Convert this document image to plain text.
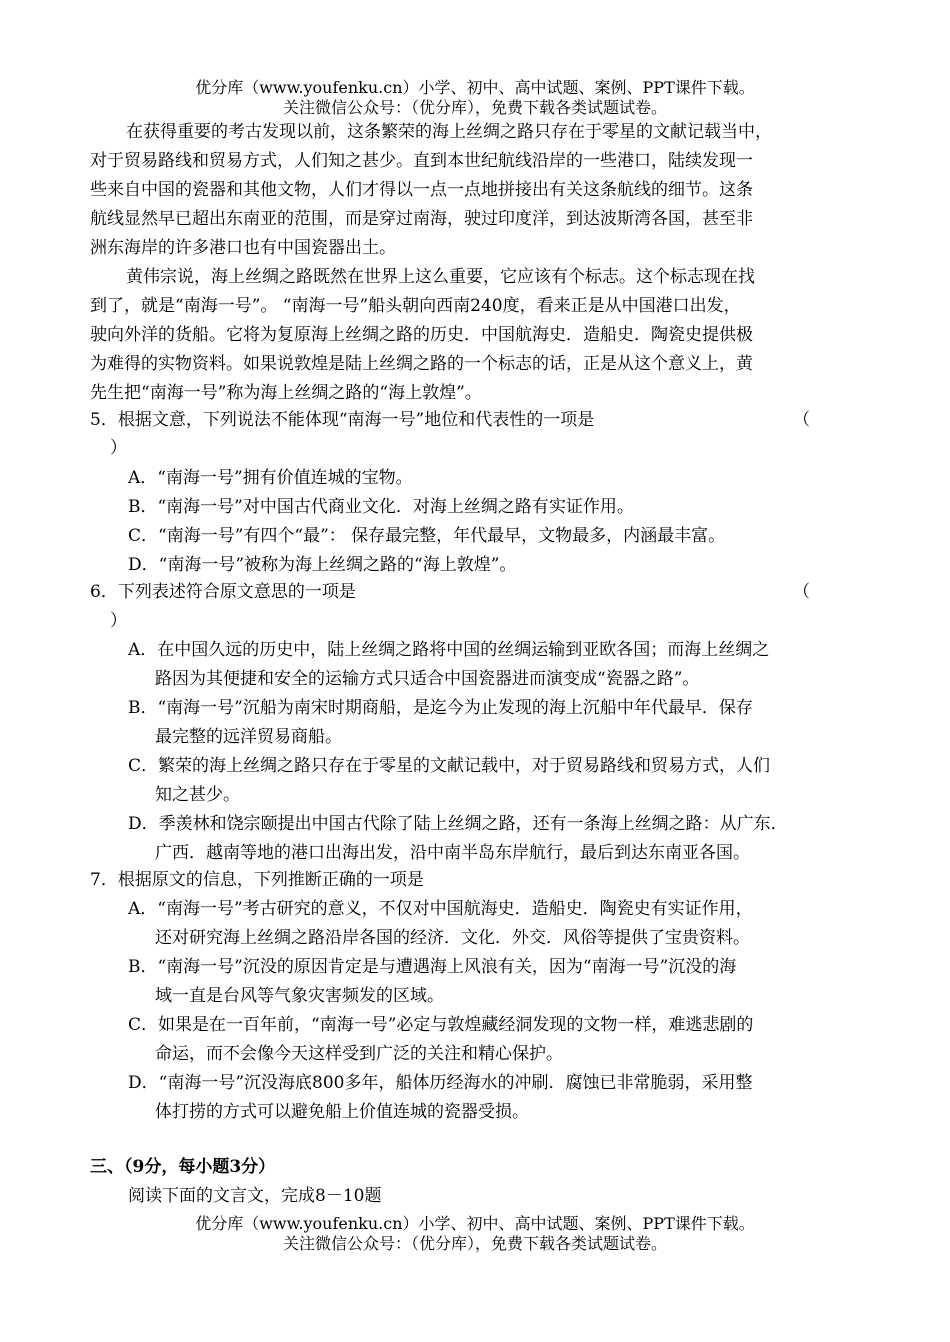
优分库（www.youfenku.cn）小学、初中、高中试题、案例、PPT课件下载。
关注微信公众号：（优分库），免费下载各类试题试卷。
在获得重要的考古发现以前，这条繁荣的海上丝绸之路只存在于零星的文献记载当中，
对于贸易路线和贸易方式，人们知之甚少。直到本世纪航线沿岸的一些港口，陆续发现一
些来自中国的瓷器和其他文物，人们才得以一点一点地拼接出有关这条航线的细节。这条
航线显然早已超出东南亚的范围，而是穿过南海，驶过印度洋，到达波斯湾各国，甚至非
洲东海岸的许多港口也有中国瓷器出土。
黄伟宗说，海上丝绸之路既然在世界上这么重要，它应该有个标志。这个标志现在找
到了，就是“南海一号”。 “南海一号”船头朝向西南240度，看来正是从中国港口出发，
驶向外洋的货船。它将为复原海上丝绸之路的历史．中国航海史．造船史．陶瓷史提供极
为难得的实物资料。如果说敦煌是陆上丝绸之路的一个标志的话，正是从这个意义上，黄
先生把“南海一号”称为海上丝绸之路的“海上敦煌”。
5．根据文意，下列说法不能体现“南海一号”地位和代表性的一项是	（
）
A．“南海一号”拥有价值连城的宝物。
B．“南海一号”对中国古代商业文化．对海上丝绸之路有实证作用。
C．“南海一号”有四个“最”： 保存最完整，年代最早，文物最多，内涵最丰富。
D．“南海一号”被称为海上丝绸之路的“海上敦煌”。
6．下列表述符合原文意思的一项是	（
）
A．在中国久远的历史中，陆上丝绸之路将中国的丝绸运输到亚欧各国；而海上丝绸之
路因为其便捷和安全的运输方式只适合中国瓷器进而演变成“瓷器之路”。
B．“南海一号”沉船为南宋时期商船，是迄今为止发现的海上沉船中年代最早．保存
最完整的远洋贸易商船。
C．繁荣的海上丝绸之路只存在于零星的文献记载中，对于贸易路线和贸易方式，人们
知之甚少。
D．季羡林和饶宗颐提出中国古代除了陆上丝绸之路，还有一条海上丝绸之路：从广东．
广西．越南等地的港口出海出发，沿中南半岛东岸航行，最后到达东南亚各国。
7．根据原文的信息，下列推断正确的一项是
A．“南海一号”考古研究的意义，不仅对中国航海史．造船史．陶瓷史有实证作用，
还对研究海上丝绸之路沿岸各国的经济．文化．外交．风俗等提供了宝贵资料。
B．“南海一号”沉没的原因肯定是与遭遇海上风浪有关，因为“南海一号”沉没的海
域一直是台风等气象灾害频发的区域。
C．如果是在一百年前，“南海一号”必定与敦煌藏经洞发现的文物一样，难逃悲剧的
命运，而不会像今天这样受到广泛的关注和精心保护。
D．“南海一号”沉没海底800多年，船体历经海水的冲刷．腐蚀已非常脆弱，采用整
体打捞的方式可以避免船上价值连城的瓷器受损。
三、（9分，每小题3分）
阅读下面的文言文，完成8－10题
优分库（www.youfenku.cn）小学、初中、高中试题、案例、PPT课件下载。
关注微信公众号：（优分库），免费下载各类试题试卷。
